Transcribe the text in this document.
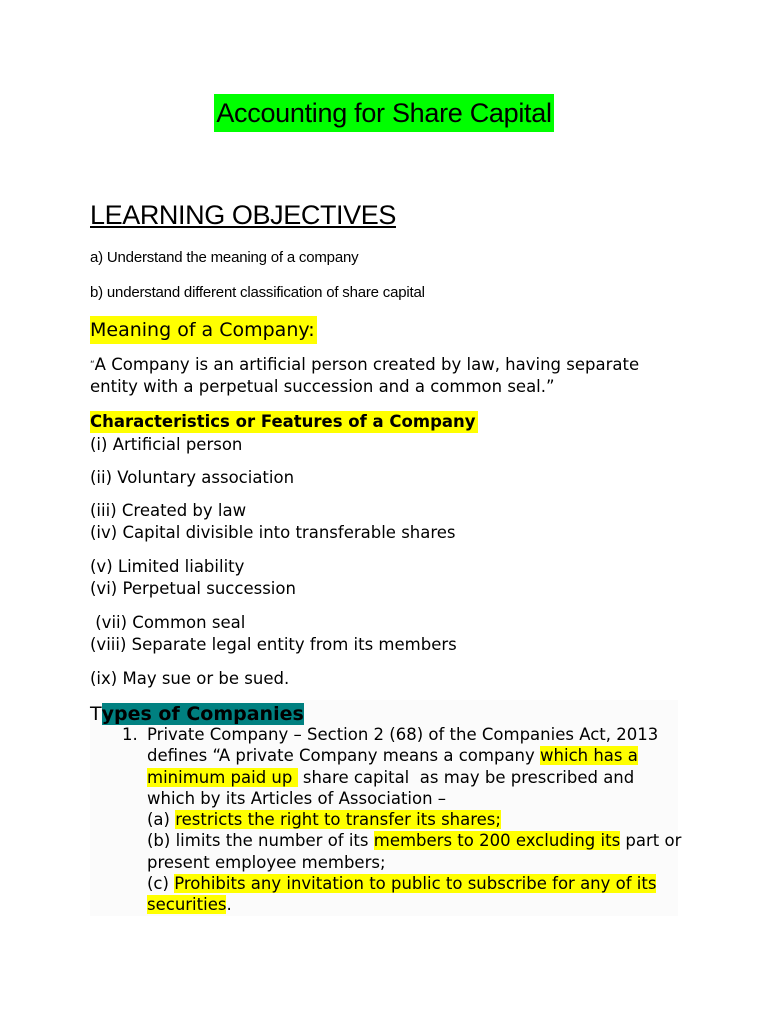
Accounting for Share Capital
LEARNING OBJECTIVES
a) Understand the meaning of a company
b) understand different classification of share capital
Meaning of a Company:
“A Company is an artificial person created by law, having separate entity with a perpetual succession and a common seal.”
Characteristics or Features of a Company
(i) Artificial person
(ii) Voluntary association
(iii) Created by law
(iv) Capital divisible into transferable shares
(v) Limited liability
(vi) Perpetual succession
(vii) Common seal
(viii) Separate legal entity from its members
(ix) May sue or be sued.
Types of Companies
1. Private Company – Section 2 (68) of the Companies Act, 2013 defines “A private Company means a company which has a minimum paid up  share capital  as may be prescribed and which by its Articles of Association –
(a) restricts the right to transfer its shares;
(b) limits the number of its members to 200 excluding its part or present employee members;
(c) Prohibits any invitation to public to subscribe for any of its securities.
